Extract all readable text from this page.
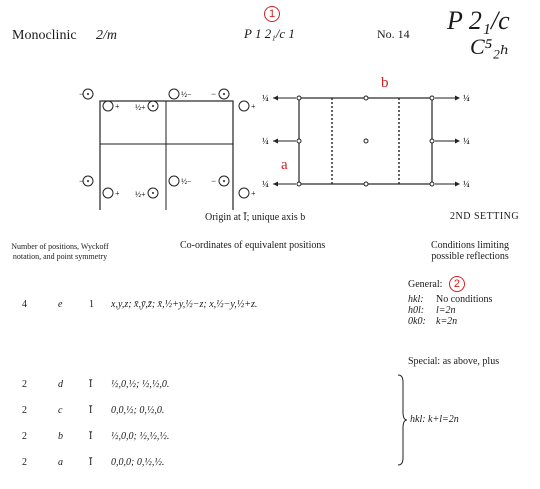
Monoclinic 2/m
1
P 1 2₁/c 1	No. 14 P 2₁/c
C⁵₂ₕ
−
+ ½+
½− −
+
−
+ ½+
½− −
+
¼
¼
¼
¼
¼
¼
b
a
Origin at Ī; unique axis b	2ND SETTING
Number of positions, Wyckoff notation, and point symmetry
Co-ordinates of equivalent positions	Conditions limiting possible reflections
General: 2
4	e	1 x,y,z; x̄,ȳ,z̄; x̄,½+y,½−z; x,½−y,½+z.	hkl: No conditions
h0l: l=2n
0k0: k=2n
Special: as above, plus
2	d	Ī ½,0,½; ½,½,0.
2	c	Ī 0,0,½; 0,½,0.
2	b	Ī ½,0,0; ½,½,½.
2	a	Ī 0,0,0; 0,½,½.
hkl: k+l=2n
